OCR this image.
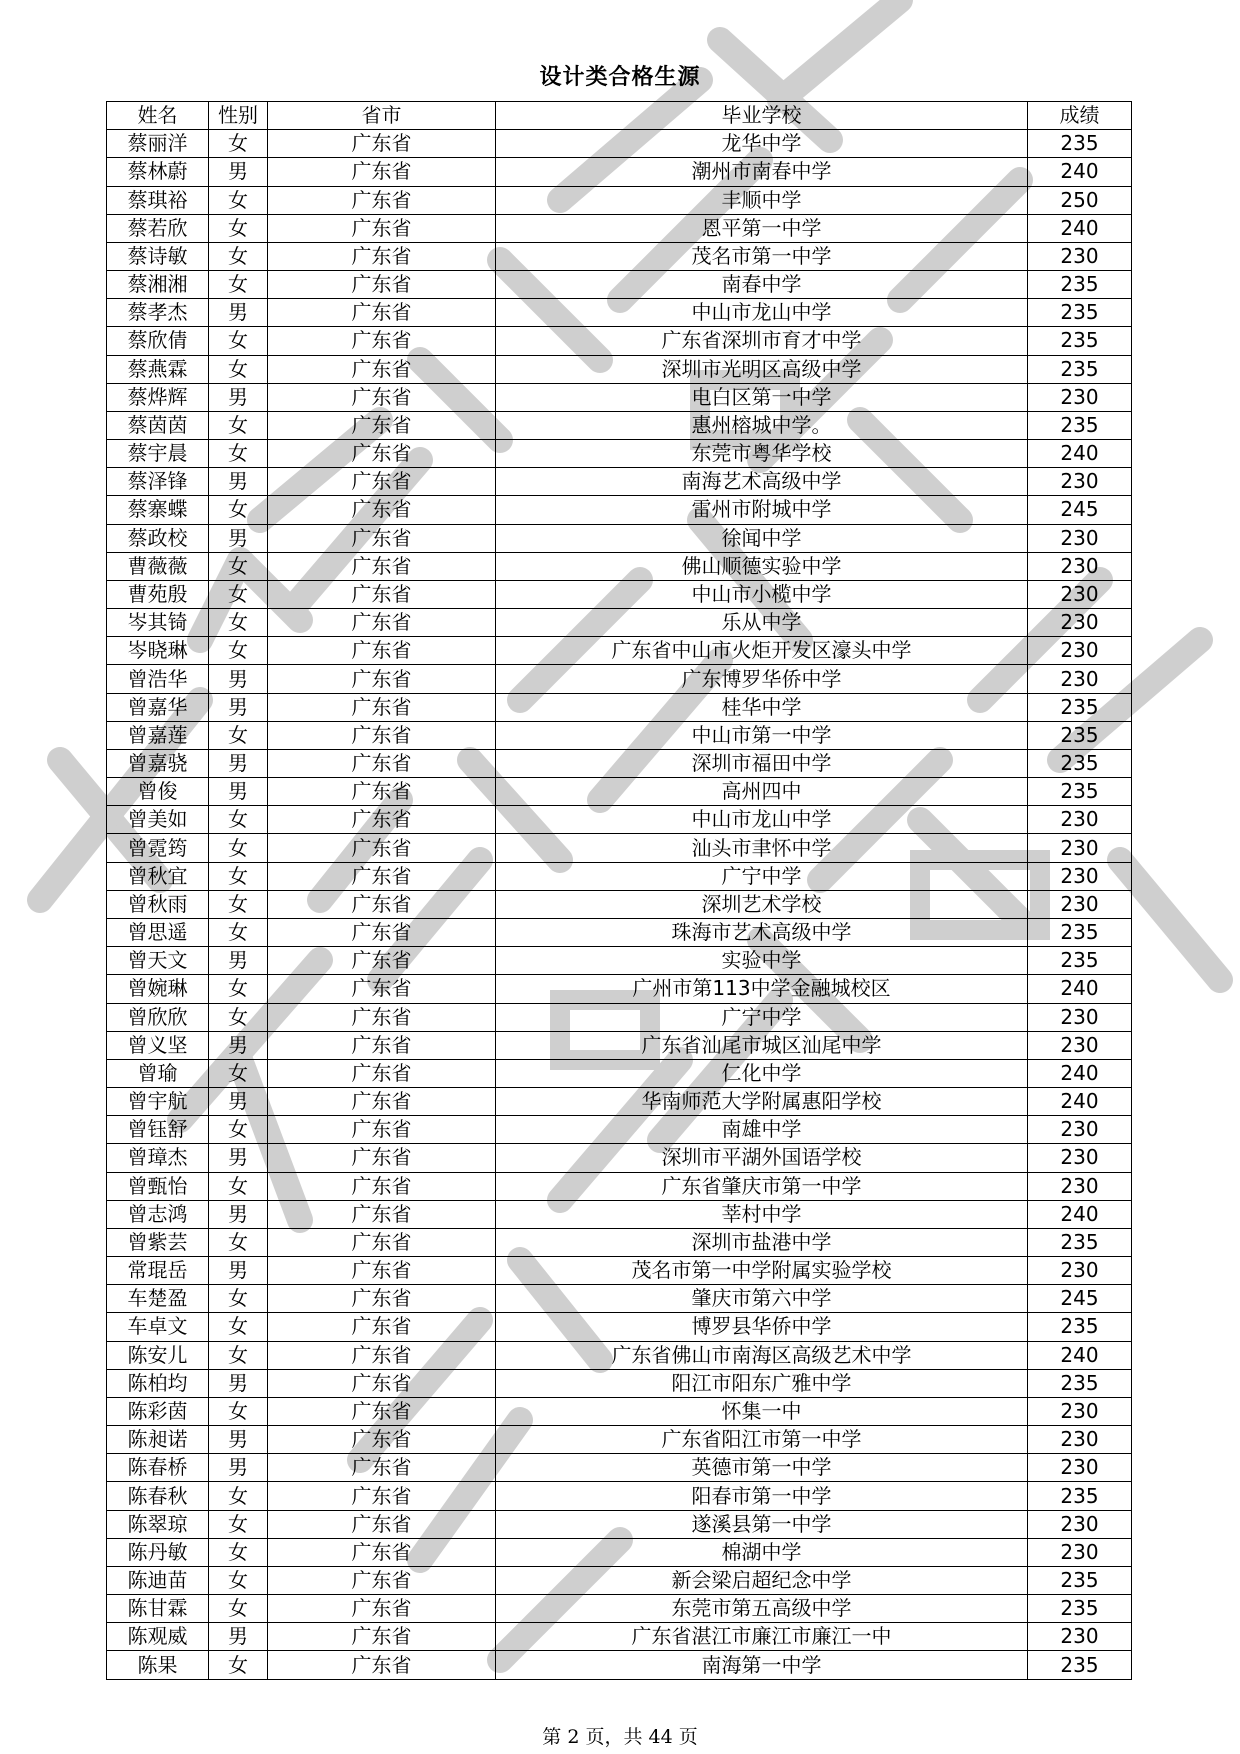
设计类合格生源
姓名	性别	省市	毕业学校	成绩
蔡丽洋	女	广东省	龙华中学	235
蔡林蔚	男	广东省	潮州市南春中学	240
蔡琪裕	女	广东省	丰顺中学	250
蔡若欣	女	广东省	恩平第一中学	240
蔡诗敏	女	广东省	茂名市第一中学	230
蔡湘湘	女	广东省	南春中学	235
蔡孝杰	男	广东省	中山市龙山中学	235
蔡欣倩	女	广东省	广东省深圳市育才中学	235
蔡燕霖	女	广东省	深圳市光明区高级中学	235
蔡烨辉	男	广东省	电白区第一中学	230
蔡茵茵	女	广东省	惠州榕城中学。	235
蔡宇晨	女	广东省	东莞市粤华学校	240
蔡泽锋	男	广东省	南海艺术高级中学	230
蔡寨蝶	女	广东省	雷州市附城中学	245
蔡政校	男	广东省	徐闻中学	230
曹薇薇	女	广东省	佛山顺德实验中学	230
曹苑殷	女	广东省	中山市小榄中学	230
岑其锜	女	广东省	乐从中学	230
岑晓琳	女	广东省	广东省中山市火炬开发区濠头中学	230
曾浩华	男	广东省	广东博罗华侨中学	230
曾嘉华	男	广东省	桂华中学	235
曾嘉莲	女	广东省	中山市第一中学	235
曾嘉骁	男	广东省	深圳市福田中学	235
曾俊	男	广东省	高州四中	235
曾美如	女	广东省	中山市龙山中学	230
曾霓筠	女	广东省	汕头市聿怀中学	230
曾秋宜	女	广东省	广宁中学	230
曾秋雨	女	广东省	深圳艺术学校	230
曾思遥	女	广东省	珠海市艺术高级中学	235
曾天文	男	广东省	实验中学	235
曾婉琳	女	广东省	广州市第113中学金融城校区	240
曾欣欣	女	广东省	广宁中学	230
曾义坚	男	广东省	广东省汕尾市城区汕尾中学	230
曾瑜	女	广东省	仁化中学	240
曾宇航	男	广东省	华南师范大学附属惠阳学校	240
曾钰舒	女	广东省	南雄中学	230
曾璋杰	男	广东省	深圳市平湖外国语学校	230
曾甄怡	女	广东省	广东省肇庆市第一中学	230
曾志鸿	男	广东省	莘村中学	240
曾紫芸	女	广东省	深圳市盐港中学	235
常琨岳	男	广东省	茂名市第一中学附属实验学校	230
车楚盈	女	广东省	肇庆市第六中学	245
车卓文	女	广东省	博罗县华侨中学	235
陈安儿	女	广东省	广东省佛山市南海区高级艺术中学	240
陈柏均	男	广东省	阳江市阳东广雅中学	235
陈彩茵	女	广东省	怀集一中	230
陈昶诺	男	广东省	广东省阳江市第一中学	230
陈春桥	男	广东省	英德市第一中学	230
陈春秋	女	广东省	阳春市第一中学	235
陈翠琼	女	广东省	遂溪县第一中学	230
陈丹敏	女	广东省	棉湖中学	230
陈迪苗	女	广东省	新会梁启超纪念中学	235
陈甘霖	女	广东省	东莞市第五高级中学	235
陈观威	男	广东省	广东省湛江市廉江市廉江一中	230
陈果	女	广东省	南海第一中学	235
第 2 页，共 44 页
